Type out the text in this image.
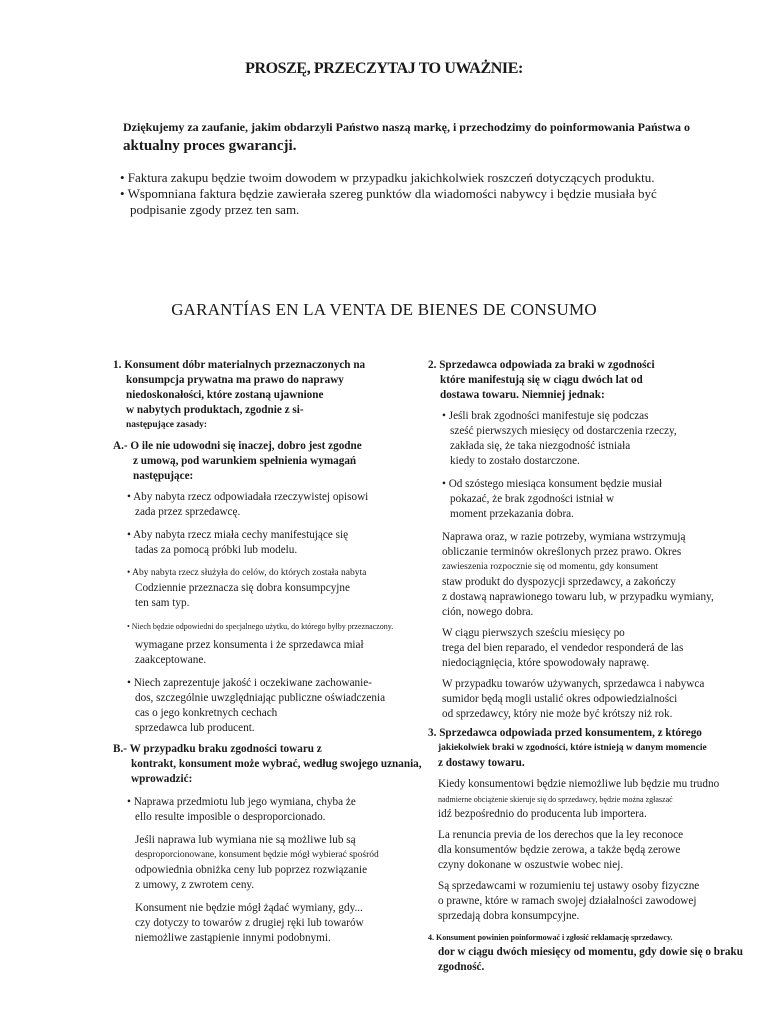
PROSZĘ, PRZECZYTAJ TO UWAŻNIE:
Dziękujemy za zaufanie, jakim obdarzyli Państwo naszą markę, i przechodzimy do poinformowania Państwa o
aktualny proces gwarancji.
• Faktura zakupu będzie twoim dowodem w przypadku jakichkolwiek roszczeń dotyczących produktu.
• Wspomniana faktura będzie zawierała szereg punktów dla wiadomości nabywcy i będzie musiała być
podpisanie zgody przez ten sam.
GARANTÍAS EN LA VENTA DE BIENES DE CONSUMO
1. Konsument dóbr materialnych przeznaczonych na
konsumpcja prywatna ma prawo do naprawy
niedoskonałości, które zostaną ujawnione
w nabytych produktach, zgodnie z si-
następujące zasady:
A.- O ile nie udowodni się inaczej, dobro jest zgodne
z umową, pod warunkiem spełnienia wymagań
następujące:
• Aby nabyta rzecz odpowiadała rzeczywistej opisowi
zada przez sprzedawcę.
• Aby nabyta rzecz miała cechy manifestujące się
tadas za pomocą próbki lub modelu.
• Aby nabyta rzecz służyła do celów, do których została nabyta
Codziennie przeznacza się dobra konsumpcyjne
ten sam typ.
• Niech będzie odpowiedni do specjalnego użytku, do którego byłby przeznaczony.
wymagane przez konsumenta i że sprzedawca miał
zaakceptowane.
• Niech zaprezentuje jakość i oczekiwane zachowanie-
dos, szczególnie uwzględniając publiczne oświadczenia
cas o jego konkretnych cechach
sprzedawca lub producent.
B.- W przypadku braku zgodności towaru z
kontrakt, konsument może wybrać, według swojego uznania,
wprowadzić:
• Naprawa przedmiotu lub jego wymiana, chyba że
ello resulte imposible o desproporcionado.
Jeśli naprawa lub wymiana nie są możliwe lub są
desproporcionowane, konsument będzie mógł wybierać spośród
odpowiednia obniżka ceny lub poprzez rozwiązanie
z umowy, z zwrotem ceny.
Konsument nie będzie mógł żądać wymiany, gdy...
czy dotyczy to towarów z drugiej ręki lub towarów
niemożliwe zastąpienie innymi podobnymi.
2. Sprzedawca odpowiada za braki w zgodności
które manifestują się w ciągu dwóch lat od
dostawa towaru. Niemniej jednak:
• Jeśli brak zgodności manifestuje się podczas
sześć pierwszych miesięcy od dostarczenia rzeczy,
zakłada się, że taka niezgodność istniała
kiedy to zostało dostarczone.
• Od szóstego miesiąca konsument będzie musiał
pokazać, że brak zgodności istniał w
moment przekazania dobra.
Naprawa oraz, w razie potrzeby, wymiana wstrzymują
obliczanie terminów określonych przez prawo. Okres
zawieszenia rozpocznie się od momentu, gdy konsument
staw produkt do dyspozycji sprzedawcy, a zakończy
z dostawą naprawionego towaru lub, w przypadku wymiany,
ción, nowego dobra.
W ciągu pierwszych sześciu miesięcy po
trega del bien reparado, el vendedor responderá de las
niedociągnięcia, które spowodowały naprawę.
W przypadku towarów używanych, sprzedawca i nabywca
sumidor będą mogli ustalić okres odpowiedzialności
od sprzedawcy, który nie może być krótszy niż rok.
3. Sprzedawca odpowiada przed konsumentem, z którego
jakiekolwiek braki w zgodności, które istnieją w danym momencie
z dostawy towaru.
Kiedy konsumentowi będzie niemożliwe lub będzie mu trudno
nadmierne obciążenie skieruje się do sprzedawcy, będzie można zgłaszać
idź bezpośrednio do producenta lub importera.
La renuncia previa de los derechos que la ley reconoce
dla konsumentów będzie zerowa, a także będą zerowe
czyny dokonane w oszustwie wobec niej.
Są sprzedawcami w rozumieniu tej ustawy osoby fizyczne
o prawne, które w ramach swojej działalności zawodowej
sprzedają dobra konsumpcyjne.
4. Konsument powinien poinformować i zgłosić reklamację sprzedawcy.
dor w ciągu dwóch miesięcy od momentu, gdy dowie się o braku
zgodność.
